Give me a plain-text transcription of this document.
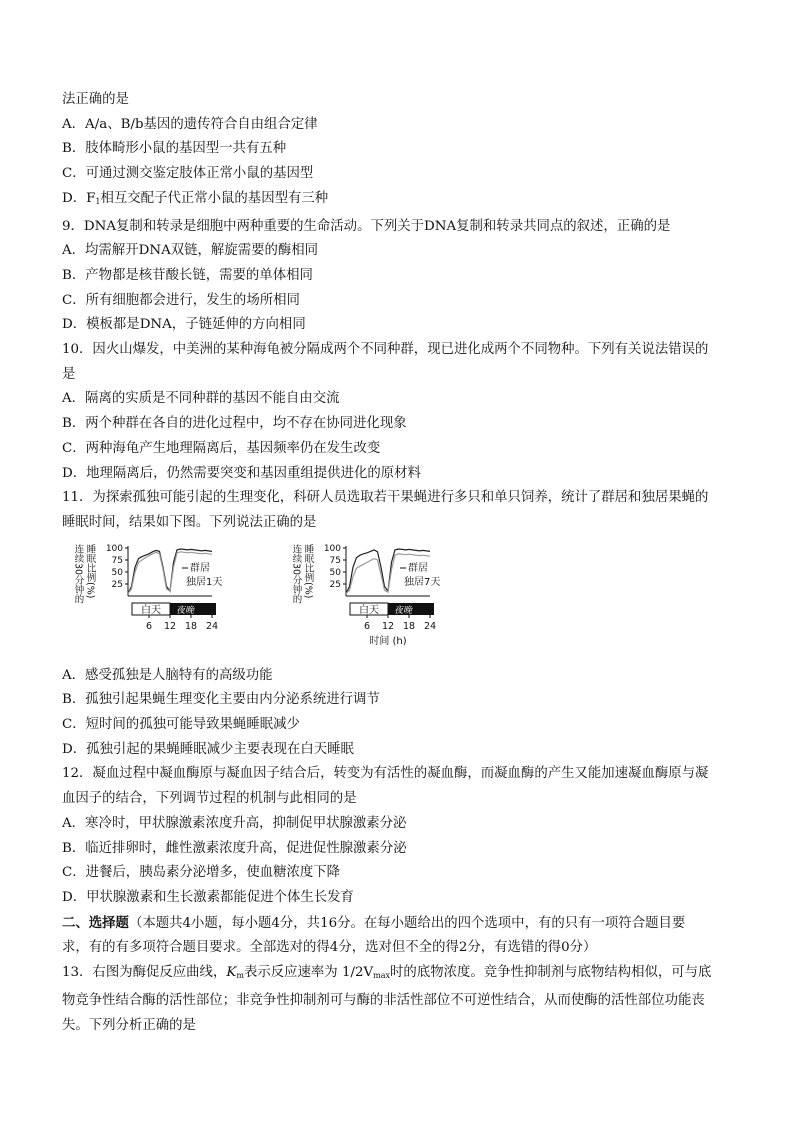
法正确的是
A．A/a、B/b基因的遗传符合自由组合定律
B．肢体畸形小鼠的基因型一共有五种
C．可通过测交鉴定肢体正常小鼠的基因型
D．$F_1$相互交配子代正常小鼠的基因型有三种
9．DNA复制和转录是细胞中两种重要的生命活动。下列关于DNA复制和转录共同点的叙述，正确的是
A．均需解开DNA双链，解旋需要的酶相同
B．产物都是核苷酸长链，需要的单体相同
C．所有细胞都会进行，发生的场所相同
D．模板都是DNA，子链延伸的方向相同
10．因火山爆发，中美洲的某种海龟被分隔成两个不同种群，现已进化成两个不同物种。下列有关说法错误的
是
A．隔离的实质是不同种群的基因不能自由交流
B．两个种群在各自的进化过程中，均不存在协同进化现象
C．两种海龟产生地理隔离后，基因频率仍在发生改变
D．地理隔离后，仍然需要突变和基因重组提供进化的原材料
11．为探索孤独可能引起的生理变化，科研人员选取若干果蝇进行多只和单只饲养，统计了群居和独居果蝇的
睡眠时间，结果如下图。下列说法正确的是
连续30分钟的 睡眠比例(%) 100
75
50
25
群居
独居1天
白天 夜晚
6 12 18 24
连续30分钟的 睡眠比例(%) 100
75
50
25
群居
独居7天
白天 夜晚
6 12 18 24
时间 (h)
A．感受孤独是人脑特有的高级功能
B．孤独引起果蝇生理变化主要由内分泌系统进行调节
C．短时间的孤独可能导致果蝇睡眠减少
D．孤独引起的果蝇睡眠减少主要表现在白天睡眠
12．凝血过程中凝血酶原与凝血因子结合后，转变为有活性的凝血酶，而凝血酶的产生又能加速凝血酶原与凝
血因子的结合，下列调节过程的机制与此相同的是
A．寒冷时，甲状腺激素浓度升高，抑制促甲状腺激素分泌
B．临近排卵时，雌性激素浓度升高，促进促性腺激素分泌
C．进餐后，胰岛素分泌增多，使血糖浓度下降
D．甲状腺激素和生长激素都能促进个体生长发育
二、选择题（本题共4小题，每小题4分，共16分。在每小题给出的四个选项中，有的只有一项符合题目要
求，有的有多项符合题目要求。全部选对的得4分，选对但不全的得2分，有选错的得0分）
13．右图为酶促反应曲线，$K_m$表示反应速率为 $1/2V_{max}$时的底物浓度。竞争性抑制剂与底物结构相似，可与底
物竞争性结合酶的活性部位；非竞争性抑制剂可与酶的非活性部位不可逆性结合，从而使酶的活性部位功能丧
失。下列分析正确的是
